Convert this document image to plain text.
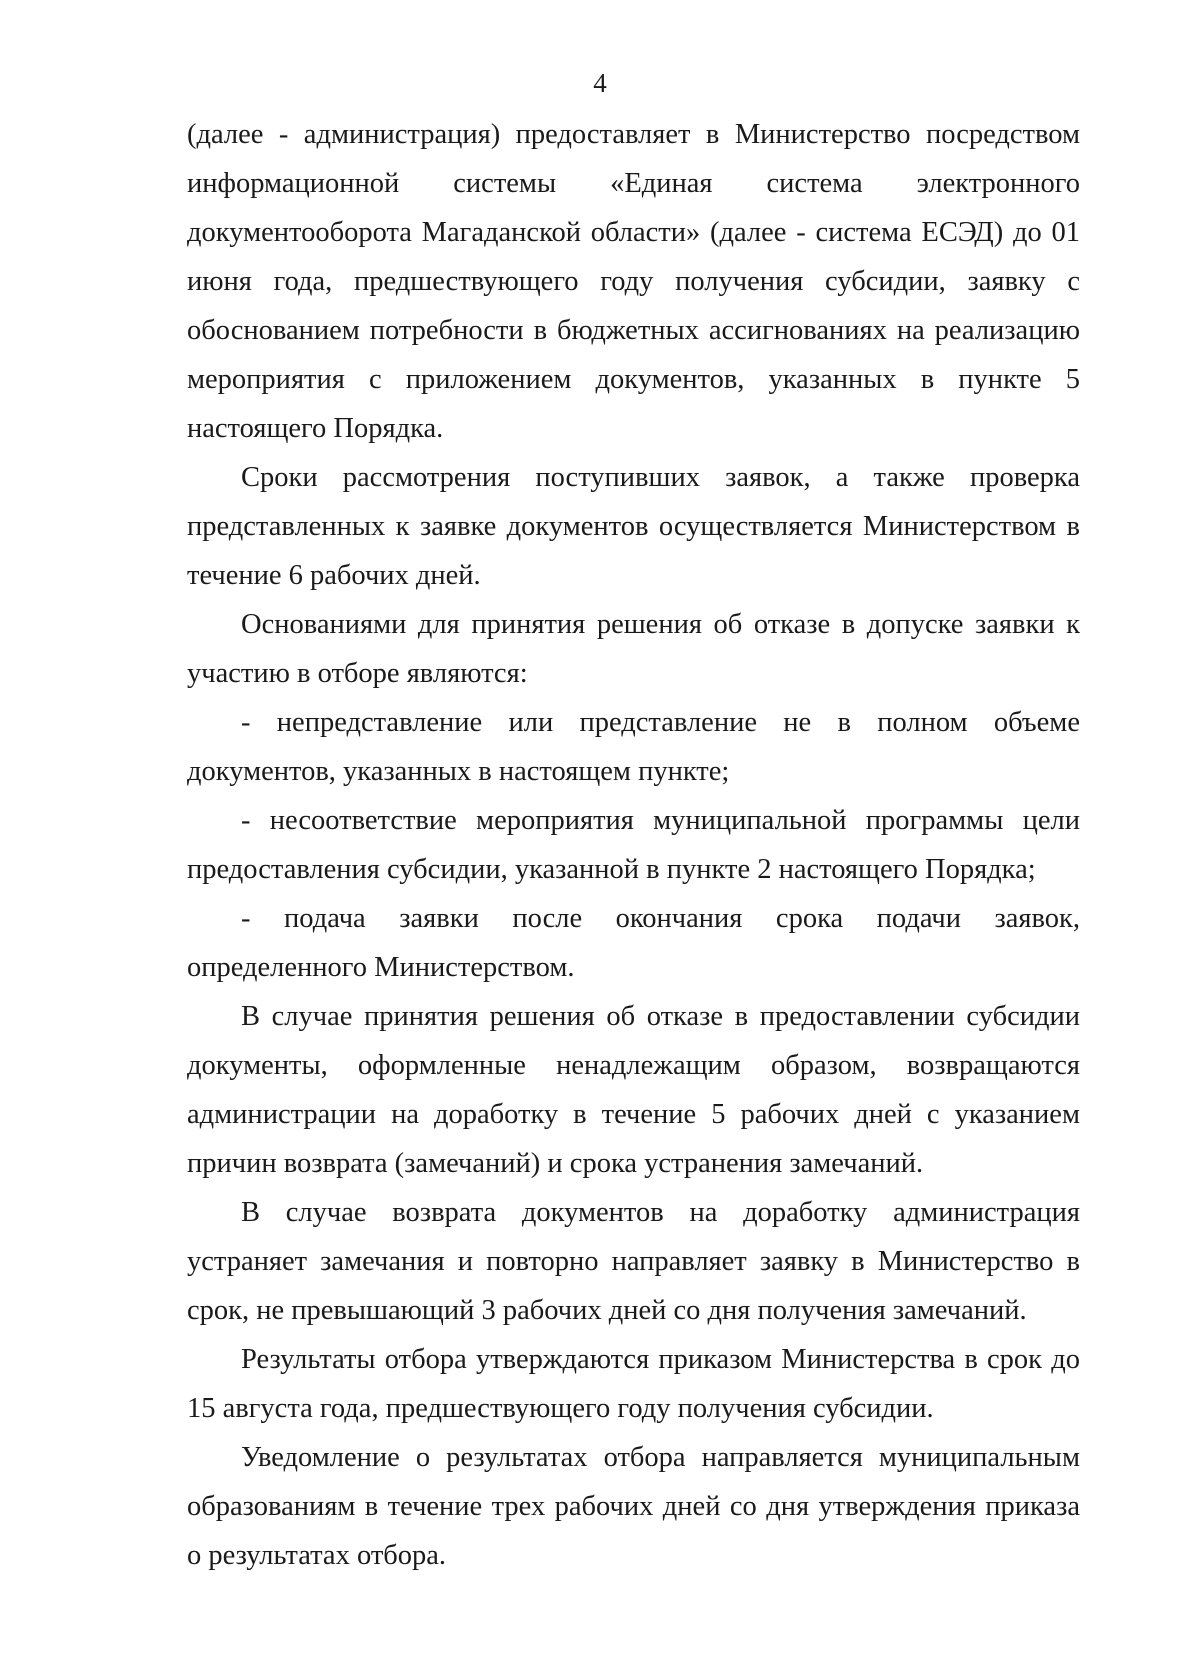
4

(далее - администрация) предоставляет в Министерство посредством информационной системы «Единая система электронного документооборота Магаданской области» (далее - система ЕСЭД) до 01 июня года, предшествующего году получения субсидии, заявку с обоснованием потребности в бюджетных ассигнованиях на реализацию мероприятия с приложением документов, указанных в пункте 5 настоящего Порядка.

Сроки рассмотрения поступивших заявок, а также проверка представленных к заявке документов осуществляется Министерством в течение 6 рабочих дней.

Основаниями для принятия решения об отказе в допуске заявки к участию в отборе являются:

- непредставление или представление не в полном объеме документов, указанных в настоящем пункте;

- несоответствие мероприятия муниципальной программы цели предоставления субсидии, указанной в пункте 2 настоящего Порядка;

- подача заявки после окончания срока подачи заявок, определенного Министерством.

В случае принятия решения об отказе в предоставлении субсидии документы, оформленные ненадлежащим образом, возвращаются администрации на доработку в течение 5 рабочих дней с указанием причин возврата (замечаний) и срока устранения замечаний.

В случае возврата документов на доработку администрация устраняет замечания и повторно направляет заявку в Министерство в срок, не превышающий 3 рабочих дней со дня получения замечаний.

Результаты отбора утверждаются приказом Министерства в срок до 15 августа года, предшествующего году получения субсидии.

Уведомление о результатах отбора направляется муниципальным образованиям в течение трех рабочих дней со дня утверждения приказа о результатах отбора.
